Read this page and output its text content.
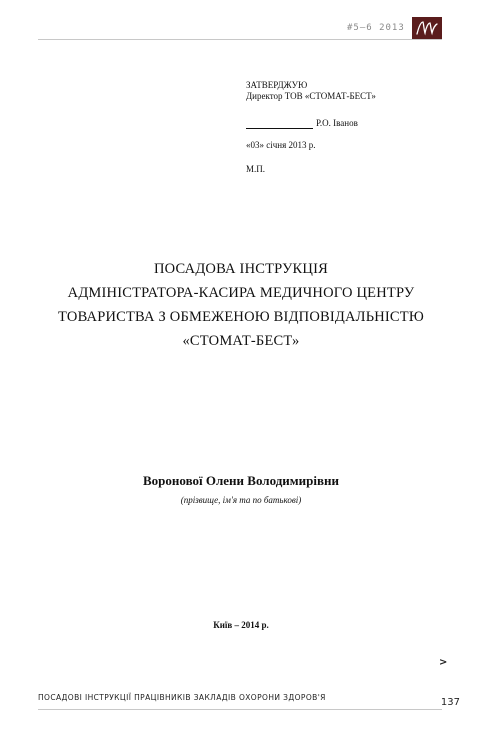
#5–6 2013
ЗАТВЕРДЖУЮ
Директор ТОВ «СТОМАТ-БЕСТ»
Р.О. Іванов
«03» січня 2013 р.
М.П.
ПОСАДОВА ІНСТРУКЦІЯ
АДМІНІСТРАТОРА-КАСИРА МЕДИЧНОГО ЦЕНТРУ
ТОВАРИСТВА З ОБМЕЖЕНОЮ ВІДПОВІДАЛЬНІСТЮ
«СТОМАТ-БЕСТ»
Воронової Олени Володимирівни
(прізвище, ім'я та по батькові)
Київ – 2014 р.
>
ПОСАДОВІ ІНСТРУКЦІЇ ПРАЦІВНИКІВ ЗАКЛАДІВ ОХОРОНИ ЗДОРОВ'Я	137
